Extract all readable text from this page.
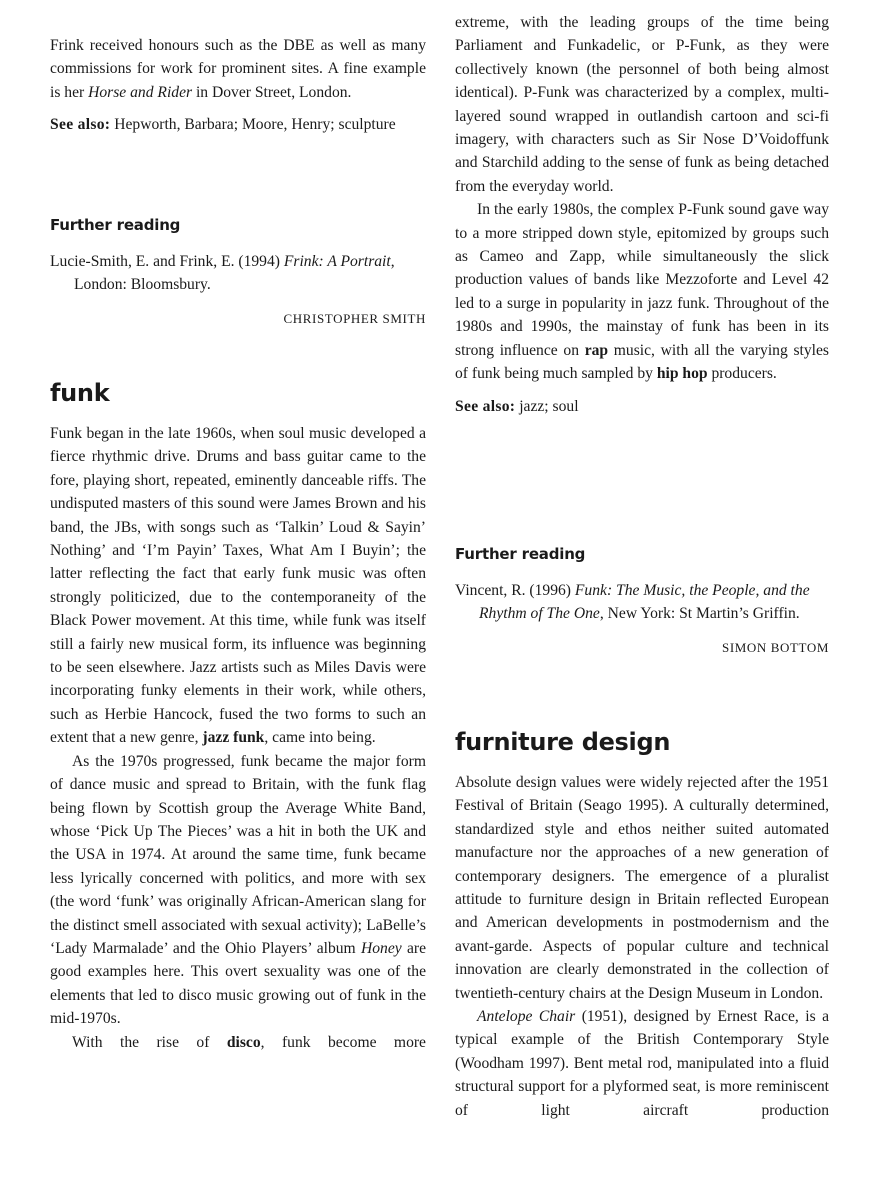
Frink received honours such as the DBE as well as many commissions for work for prominent sites. A fine example is her Horse and Rider in Dover Street, London.

See also: Hepworth, Barbara; Moore, Henry; sculpture

Further reading

Lucie-Smith, E. and Frink, E. (1994) Frink: A Portrait, London: Bloomsbury.

CHRISTOPHER SMITH

funk

Funk began in the late 1960s, when soul music developed a fierce rhythmic drive. Drums and bass guitar came to the fore, playing short, repeated, eminently danceable riffs. The undisputed masters of this sound were James Brown and his band, the JBs, with songs such as ‘Talkin’ Loud & Sayin’ Nothing’ and ‘I’m Payin’ Taxes, What Am I Buyin’; the latter reflecting the fact that early funk music was often strongly politicized, due to the contemporaneity of the Black Power movement. At this time, while funk was itself still a fairly new musical form, its influence was beginning to be seen elsewhere. Jazz artists such as Miles Davis were incorporating funky elements in their work, while others, such as Herbie Hancock, fused the two forms to such an extent that a new genre, jazz funk, came into being.

As the 1970s progressed, funk became the major form of dance music and spread to Britain, with the funk flag being flown by Scottish group the Average White Band, whose ‘Pick Up The Pieces’ was a hit in both the UK and the USA in 1974. At around the same time, funk became less lyrically concerned with politics, and more with sex (the word ‘funk’ was originally African-American slang for the distinct smell associated with sexual activity); LaBelle’s ‘Lady Marmalade’ and the Ohio Players’ album Honey are good examples here. This overt sexuality was one of the elements that led to disco music growing out of funk in the mid-1970s.

With the rise of disco, funk become more

extreme, with the leading groups of the time being Parliament and Funkadelic, or P-Funk, as they were collectively known (the personnel of both being almost identical). P-Funk was characterized by a complex, multi-layered sound wrapped in outlandish cartoon and sci-fi imagery, with characters such as Sir Nose D’Voidoffunk and Starchild adding to the sense of funk as being detached from the everyday world.

In the early 1980s, the complex P-Funk sound gave way to a more stripped down style, epitomized by groups such as Cameo and Zapp, while simultaneously the slick production values of bands like Mezzoforte and Level 42 led to a surge in popularity in jazz funk. Throughout of the 1980s and 1990s, the mainstay of funk has been in its strong influence on rap music, with all the varying styles of funk being much sampled by hip hop producers.

See also: jazz; soul

Further reading

Vincent, R. (1996) Funk: The Music, the People, and the Rhythm of The One, New York: St Martin’s Griffin.

SIMON BOTTOM

furniture design

Absolute design values were widely rejected after the 1951 Festival of Britain (Seago 1995). A culturally determined, standardized style and ethos neither suited automated manufacture nor the approaches of a new generation of contemporary designers. The emergence of a pluralist attitude to furniture design in Britain reflected European and American developments in postmodernism and the avant-garde. Aspects of popular culture and technical innovation are clearly demonstrated in the collection of twentieth-century chairs at the Design Museum in London.

Antelope Chair (1951), designed by Ernest Race, is a typical example of the British Contemporary Style (Woodham 1997). Bent metal rod, manipulated into a fluid structural support for a plyformed seat, is more reminiscent of light aircraft production
